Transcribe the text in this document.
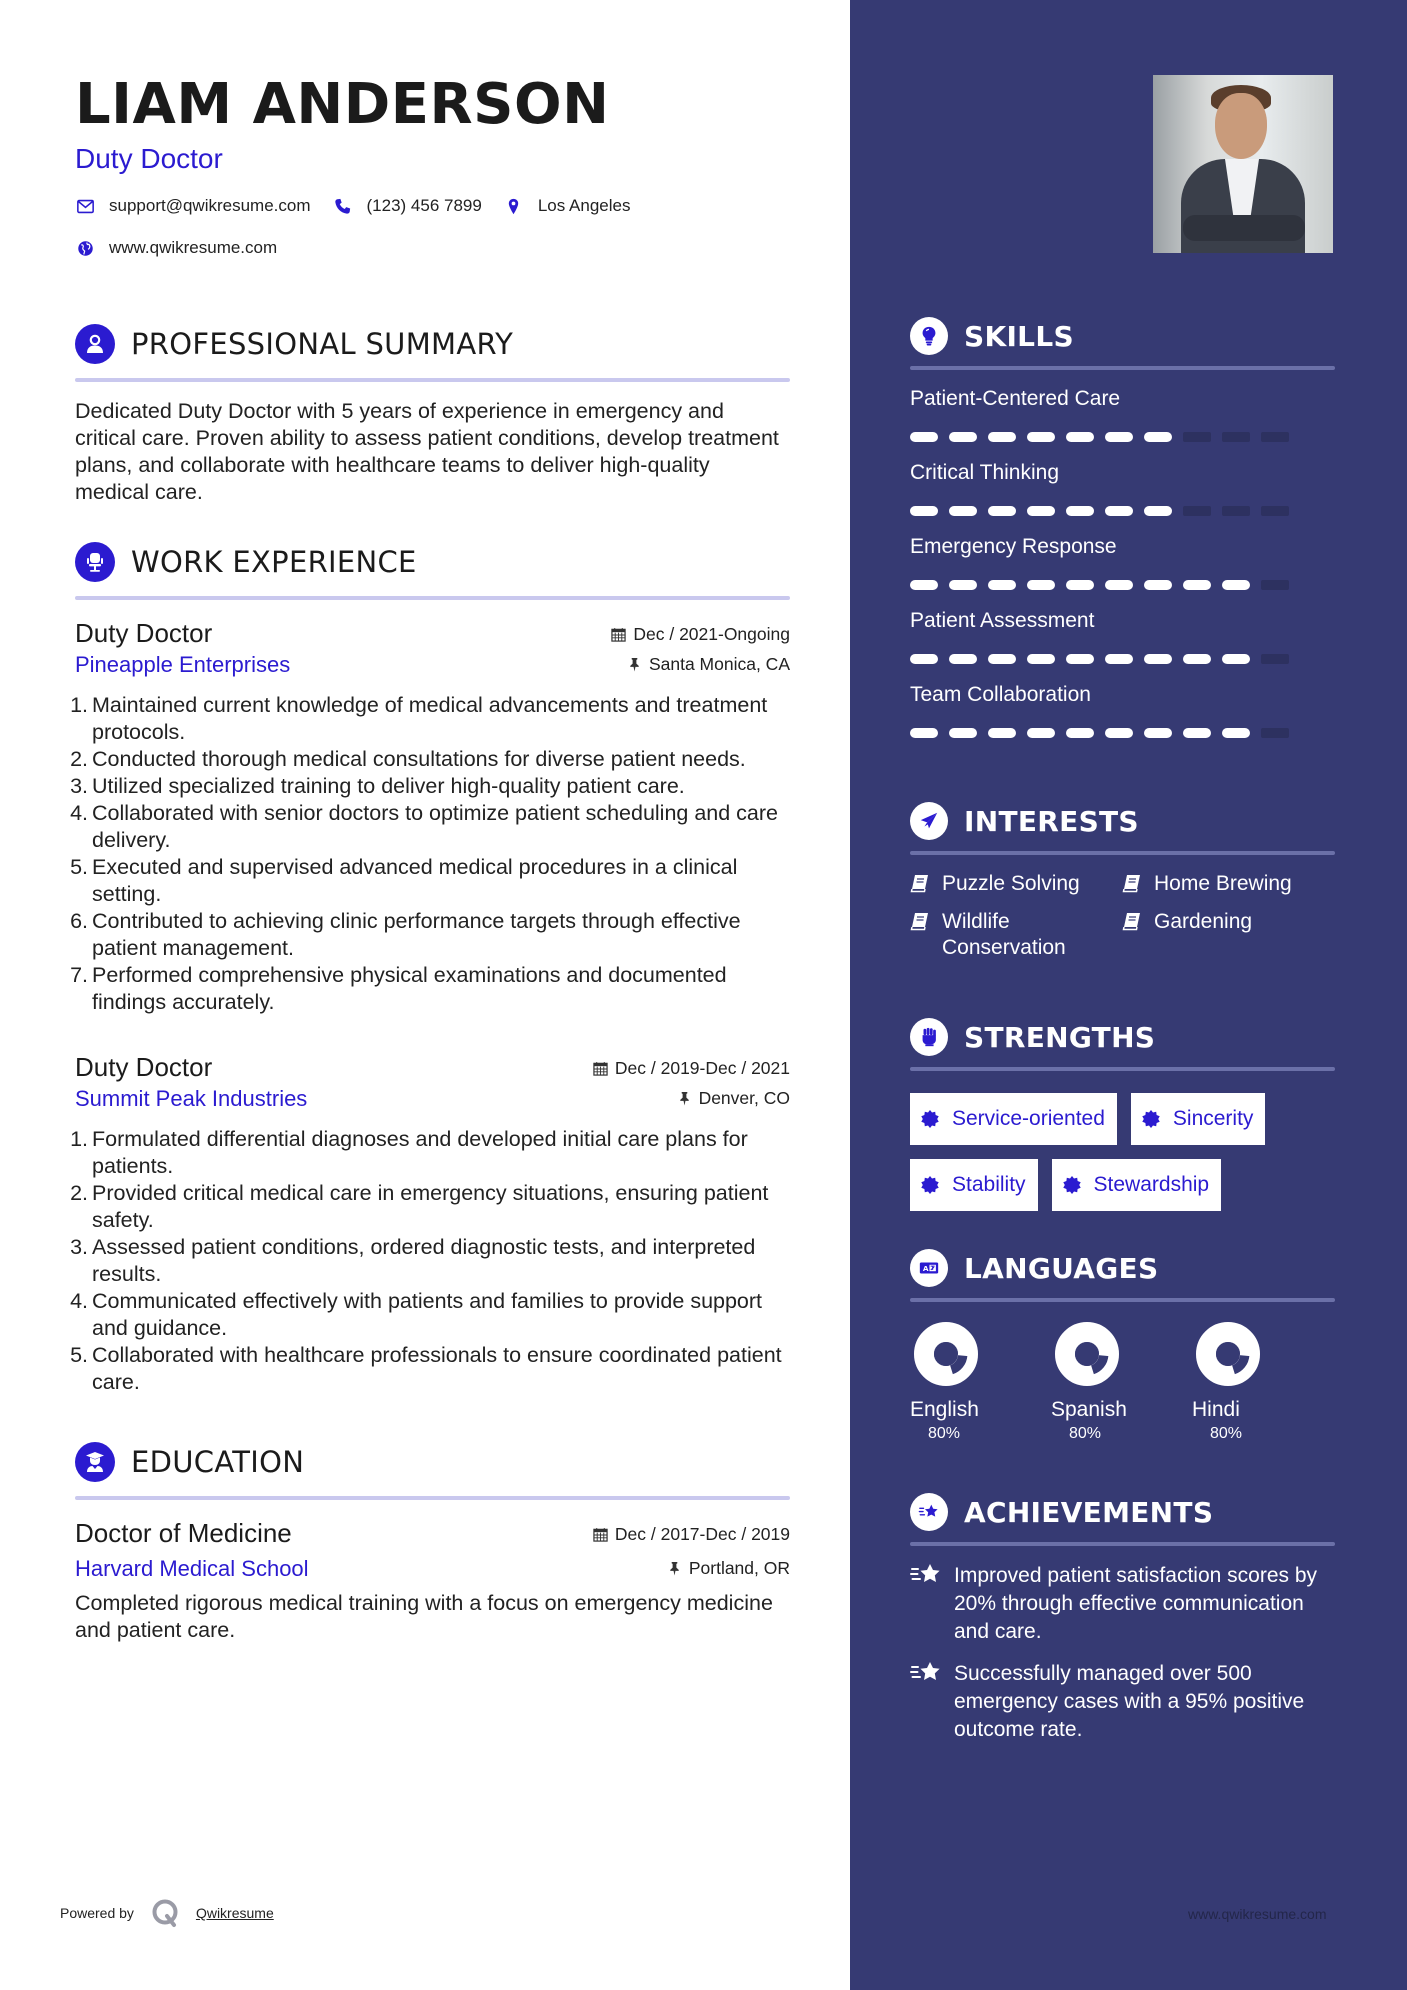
LIAM ANDERSON
Duty Doctor
support@qwikresume.com	(123) 456 7899	Los Angeles
www.qwikresume.com
PROFESSIONAL SUMMARY

Dedicated Duty Doctor with 5 years of experience in emergency and critical care. Proven ability to assess patient conditions, develop treatment plans, and collaborate with healthcare teams to deliver high-quality medical care.

WORK EXPERIENCE
Duty Doctor	Dec / 2021-Ongoing
Pineapple Enterprises	Santa Monica, CA
1. Maintained current knowledge of medical advancements and treatment protocols.
2. Conducted thorough medical consultations for diverse patient needs.
3. Utilized specialized training to deliver high-quality patient care.
4. Collaborated with senior doctors to optimize patient scheduling and care delivery.
5. Executed and supervised advanced medical procedures in a clinical setting.
6. Contributed to achieving clinic performance targets through effective patient management.
7. Performed comprehensive physical examinations and documented findings accurately.
Duty Doctor	Dec / 2019-Dec / 2021
Summit Peak Industries	Denver, CO
1. Formulated differential diagnoses and developed initial care plans for patients.
2. Provided critical medical care in emergency situations, ensuring patient safety.
3. Assessed patient conditions, ordered diagnostic tests, and interpreted results.
4. Communicated effectively with patients and families to provide support and guidance.
5. Collaborated with healthcare professionals to ensure coordinated patient care.
EDUCATION
Doctor of Medicine	Dec / 2017-Dec / 2019
Harvard Medical School	Portland, OR

Completed rigorous medical training with a focus on emergency medicine and patient care.

Powered by	Qwikresume
SKILLS
Patient-Centered Care
Critical Thinking
Emergency Response
Patient Assessment
Team Collaboration
INTERESTS
Puzzle Solving	Home Brewing
Wildlife Conservation
Gardening
STRENGTHS
Service-oriented	Sincerity
Stability	Stewardship
A LANGUAGES
English
80%
Spanish
80%
Hindi
80%
ACHIEVEMENTS
Improved patient satisfaction scores by 20% through effective communication and care.
Successfully managed over 500 emergency cases with a 95% positive outcome rate.
www.qwikresume.com
